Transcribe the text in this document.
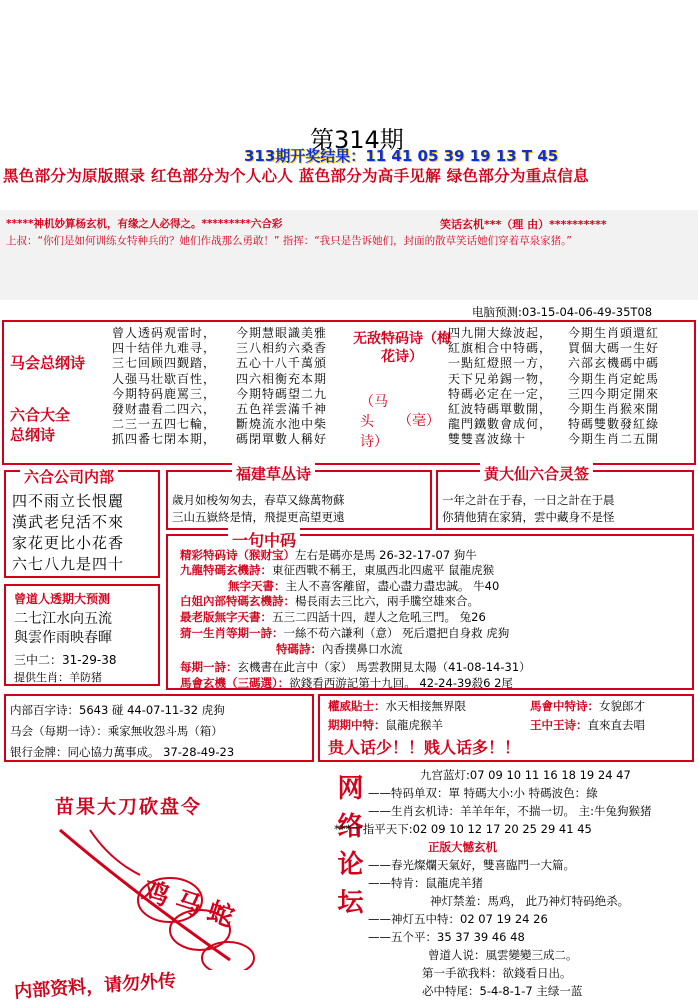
第314期
313期开奖结果：11 41 05 39 19 13 T 45
黑色部分为原版照录 红色部分为个人心人 蓝色部分为高手见解 绿色部分为重点信息
*****神机妙算杨玄机，有缘之人必得之。*********六合彩	笑话玄机***（理 由）**********
上叔：“你们是如何训练女特种兵的？她们作战那么勇敢！” 指挥：“我只是告诉她们，封面的散草笑话她们穿着草泉家猪。”
电脑预测:03-15-04-06-49-35T08
马会总纲诗
六合大全总纲诗
曾人透码观雷时，
四十结伴九难寻，
三七回顾四觐踏，
人强马壮歇百性，
今期特码鹿罵三，
發财盡看二四六，
二三一五四七輪，
抓四番七閉本期，
今期慧眼識美雅
三八相約六桑香
五心十八千萬頒
四六相衡充本期
今期特碼望二九
五色祥雲滿千神
斷燒流水池中柴
碼閉單數人稱好
无敌特码诗（梅花诗）
（马 头 诗）
（亳）
四九開大綠波起，
紅旗相合中特碼，
一點紅燈照一方，
天下兄弟錫一物，
特碼必定在一定，
紅波特碼單數開，
龍門鐵數會成何，
雙雙喜波綠十
今期生肖頭還紅
買個大碼一生好
六部玄機碼中碼
今期生肖定蛇馬
三四今期定開來
今期生肖猴來開
特碼雙數發紅綠
今期生肖二五開
六合公司内部
四不雨立长恨麗
漢武老兒活不來
家花更比小花香
六七八九是四十
福建草丛诗
歲月如梭匆匆去，春草又綠萬物蘇
三山五嶽終是情，飛提更高望更遠
黄大仙六合灵签
一年之計在于春，一日之計在于晨
你猜他猜在家猜，雲中藏身不是怪
一句中码
曾道人透期大预测
二七江水向五流
與雲作雨映春暉
三中二：31-29-38
提供生肖：羊防猪
精彩特码诗（猴财宝）左右是碼亦是馬 26-32-17-07 狗牛
九龍特碼玄機詩：東征西戰不稱王，東風西北四處平 鼠龍虎猴
無字天書：主人不喜客離留，盡心盡力盡忠誠。 牛40
白姐內部特碼玄機詩：楊長雨去三比六，兩手騰空雄來合。
最老版無字天書：五三二四話十四，趕人之危吼三門。 兔26
猜一生肖等期一詩：一絲不苟六謙利（意） 死后還把自身救 虎狗
特碼詩：內香撲鼻口水流
每期一詩：玄機書在此言中（家） 馬雲教開見太陽（41-08-14-31）
馬會玄機（三碼選）：欲錢看西游記第十九回。 42-24-39殺6 2尾
内部百字诗：5643 碰 44-07-11-32 虎狗
马会（每期一诗）：乘家無收怨斗馬（箱）
银行金牌：同心協力萬事成。 37-28-49-23
權威貼士：水天相接無界限
期期中特：鼠龍虎猴羊
馬會中特诗：女貌郎才
王中王诗：直來直去唱
贵人话少！！贱人话多！！
苗果大刀砍盘令
鸡马蛇
内部资料，请勿外传
网络论坛	九宫蓝灯:07 09 10 11 16 18 19 24 47
——特码单双：單 特碼大小:小 特碼波色：綠
——生肖玄机诗：羊羊年年，不揣一切。 主:牛兔狗猴猪
***十指平天下:02 09 10 12 17 20 25 29 41 45
正版大憾玄机
——春光燦爛天氣好，雙喜臨門一大篇。
——特肯：鼠龍虎羊猪
神灯禁羞：馬鸡， 此乃神灯特码绝杀。
——神灯五中特：02 07 19 24 26
——五个平：35 37 39 46 48
曾道人说：風雲變變三成二。
第一手欲我料：欲錢看日出。
必中特尾：5-4-8-1-7 主绿一蓝
